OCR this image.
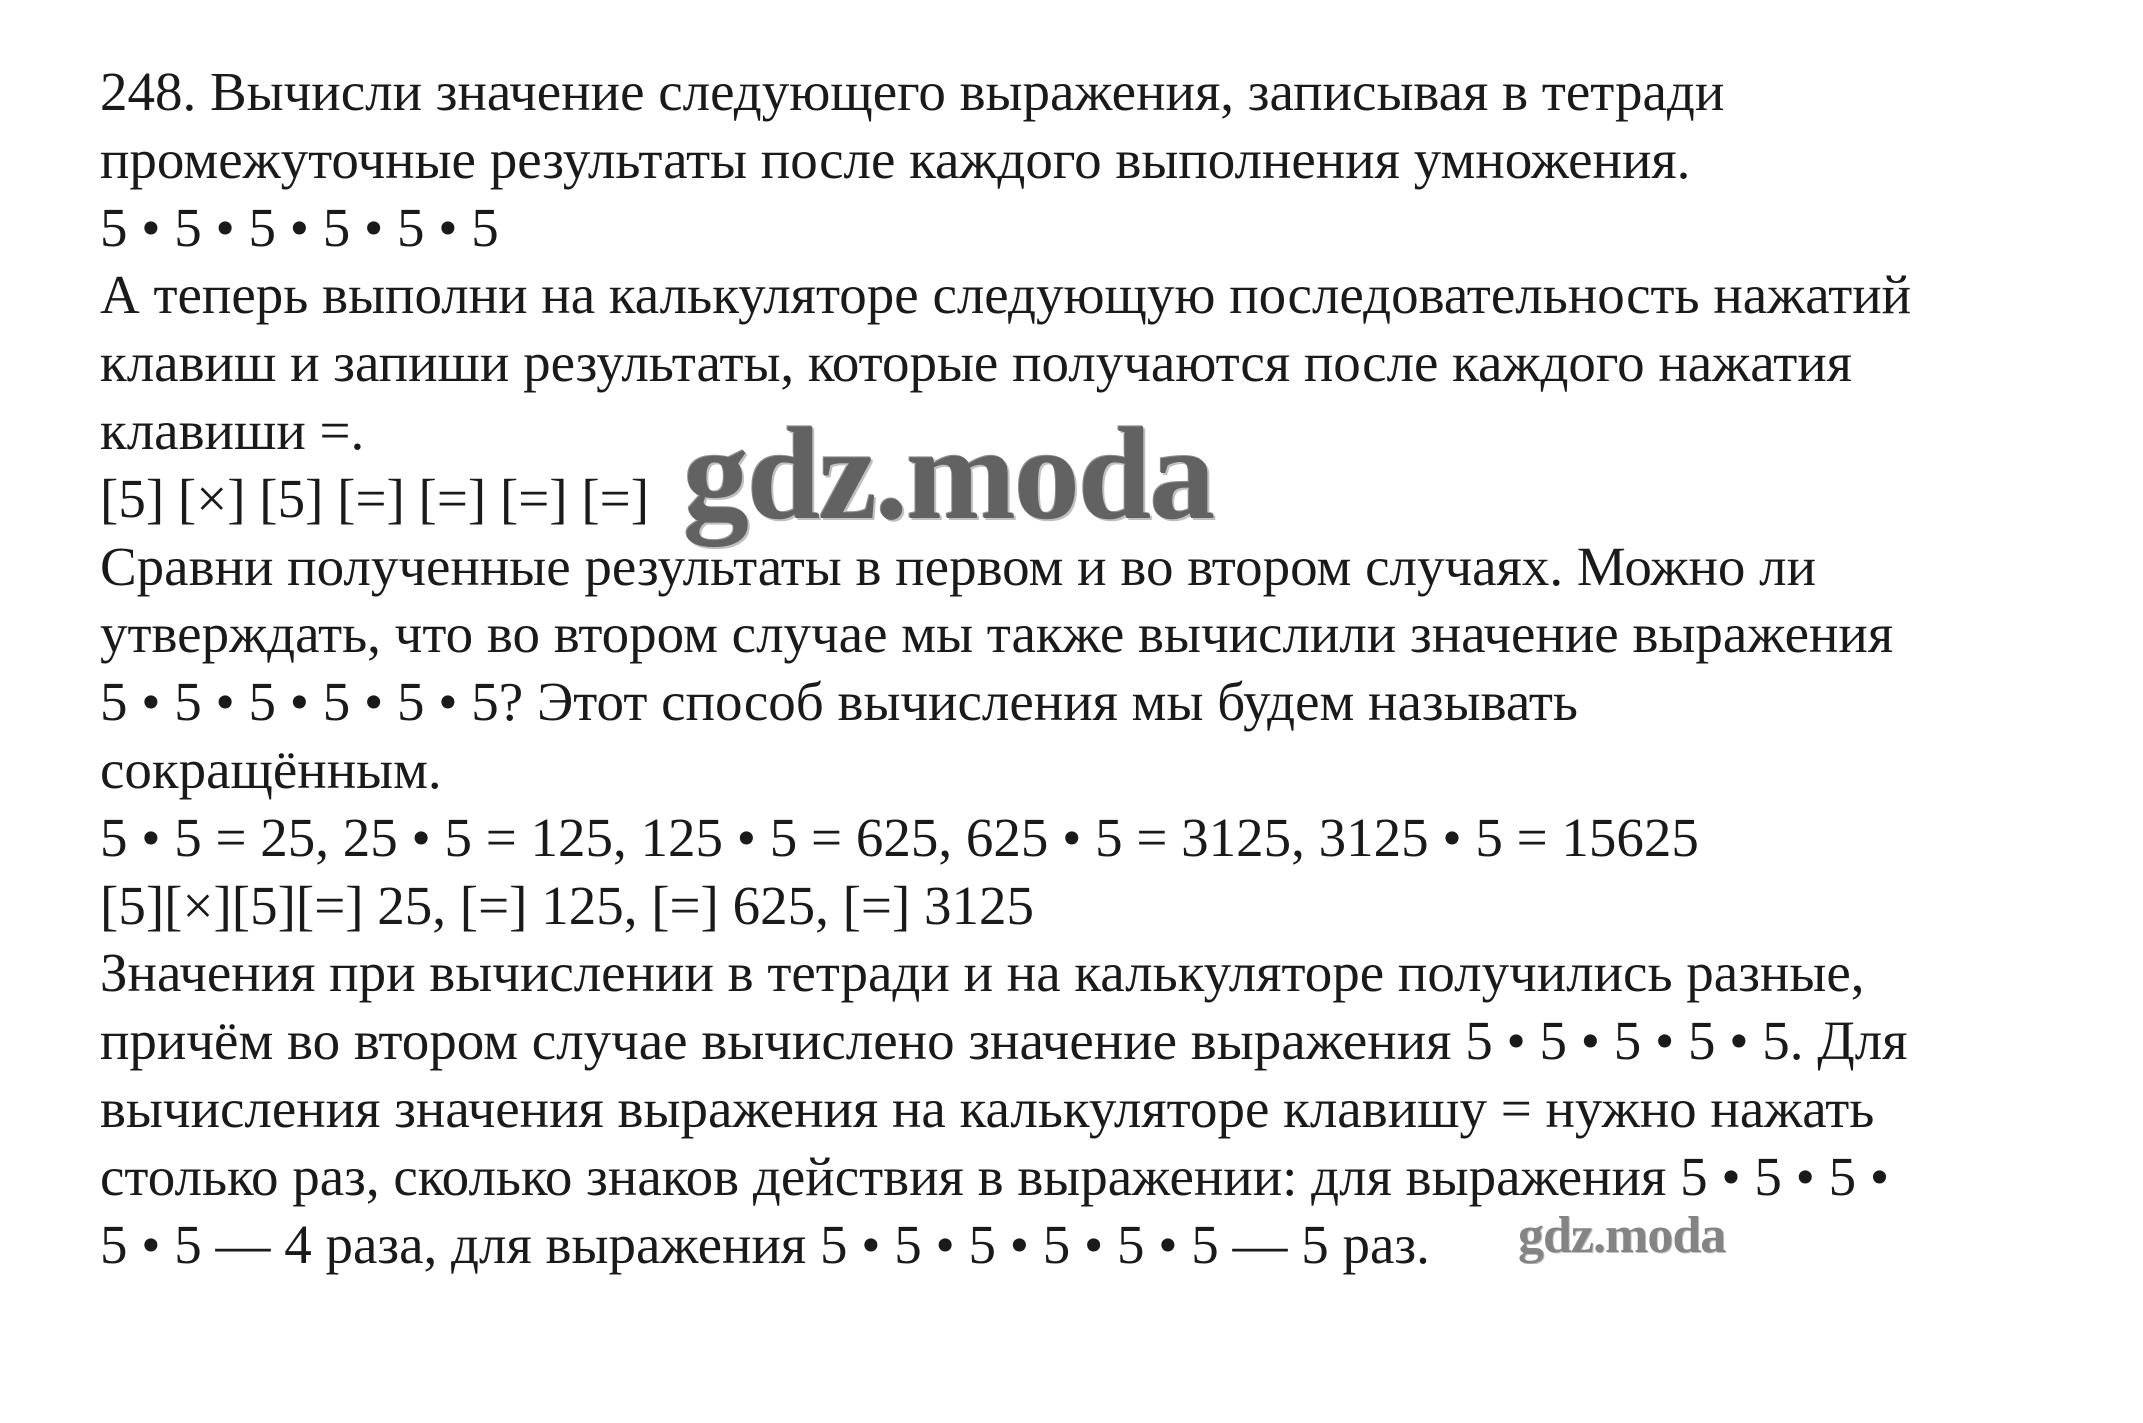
248. Вычисли значение следующего выражения, записывая в тетради
промежуточные результаты после каждого выполнения умножения.
5 • 5 • 5 • 5 • 5 • 5
А теперь выполни на калькуляторе следующую последовательность нажатий
клавиш и запиши результаты, которые получаются после каждого нажатия
клавиши =.
[5] [×] [5] [=] [=] [=] [=]
Сравни полученные результаты в первом и во втором случаях. Можно ли
утверждать, что во втором случае мы также вычислили значение выражения
5 • 5 • 5 • 5 • 5 • 5? Этот способ вычисления мы будем называть
сокращённым.
5 • 5 = 25, 25 • 5 = 125, 125 • 5 = 625, 625 • 5 = 3125, 3125 • 5 = 15625
[5][×][5][=] 25, [=] 125, [=] 625, [=] 3125
Значения при вычислении в тетради и на калькуляторе получились разные,
причём во втором случае вычислено значение выражения 5 • 5 • 5 • 5 • 5. Для
вычисления значения выражения на калькуляторе клавишу = нужно нажать
столько раз, сколько знаков действия в выражении: для выражения 5 • 5 • 5 •
5 • 5 — 4 раза, для выражения 5 • 5 • 5 • 5 • 5 • 5 — 5 раз.
gdz.moda
gdz.moda
